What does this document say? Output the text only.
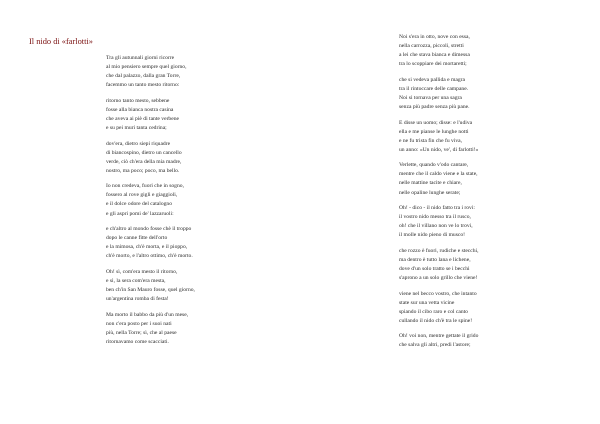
Il nido di «farlotti»
Tra gli autunnali giorni ricorre
al mio pensiero sempre quel giorno,
che dal palazzo, dalla gran Torre,
facemmo un tanto mesto ritorno:
ritorno tanto mesto, sebbene
fosse alla bianca nostra casina
che aveva ai piè di tante verbene
e su pei muri tanta cedrina;
dov'era, dietro siepi riquadre
di biancospino, dietro un cancello
verde, ciò ch'era della mia madre,
nostro, ma poco; poco, ma bello.
Io non credeva, fuori che in sogno,
fossero al rove gigli e giaggioli,
e il dolce odore del catalogno
e gli aspri pomi de' lazzaruoli:
e ch'altro al mondo fosse chè il troppo
dopo le canne fitte dell'orto
e la mimosa, ch'è morta, e il pioppo,
ch'è morto, e l'altro ottimo, ch'è morto.
Oh! sì, com'era mesto il ritorno,
e sì, la sera com'era mesta,
ben ch'in San Mauro fosse, quel giorno,
un'argentina romba di festa!
Ma morto il babbo da più d'un mese,
non c'era posto per i suoi nati
più, nella Torre; sì, che al paese
ritornavamo come scacciati.
Noi s'era in otto, nove con essa,
nella carrozza, piccoli, stretti
a lei che stava bianca e dimessa
tra lo scoppiare dei mortaretti;
che si vedeva pallida e magra
tra il rintoccare delle campane.
Noi si tornava per una sagra
senza più padre senza più pane.
E disse un uomo; disse: e l'udiva
ella e me pianse le lunghe notti
e ne fu trista fin che fu viva,
un anno: «Un nido, ve', di farlotti!»
Verlette, quando v'odo cantare,
mentre che il caldo viene e la state,
nelle mattine tacite e chiare,
nelle opaline lunghe serate;
Oh! - dico - il nido fatto tra i rovi:
il vostro nido messo tra il rusco,
oh! che il villano non ve lo trovi,
il molle nido pieno di musco!
che rozzo è fuori, rudiche e stecchi,
ma dentro è tutto lana e lichene,
dove d'un solo tratto se i becchi
s'aprono a un solo grillo che viene!
viene nel becco vostro, che intanto
state sur una vetta vicine
spiando il cibo raro e col canto
cullando il nido ch'è tra le spine!
Oh! voi non, mentre gettate il grido
che salva gli altri, predi l'astore;
